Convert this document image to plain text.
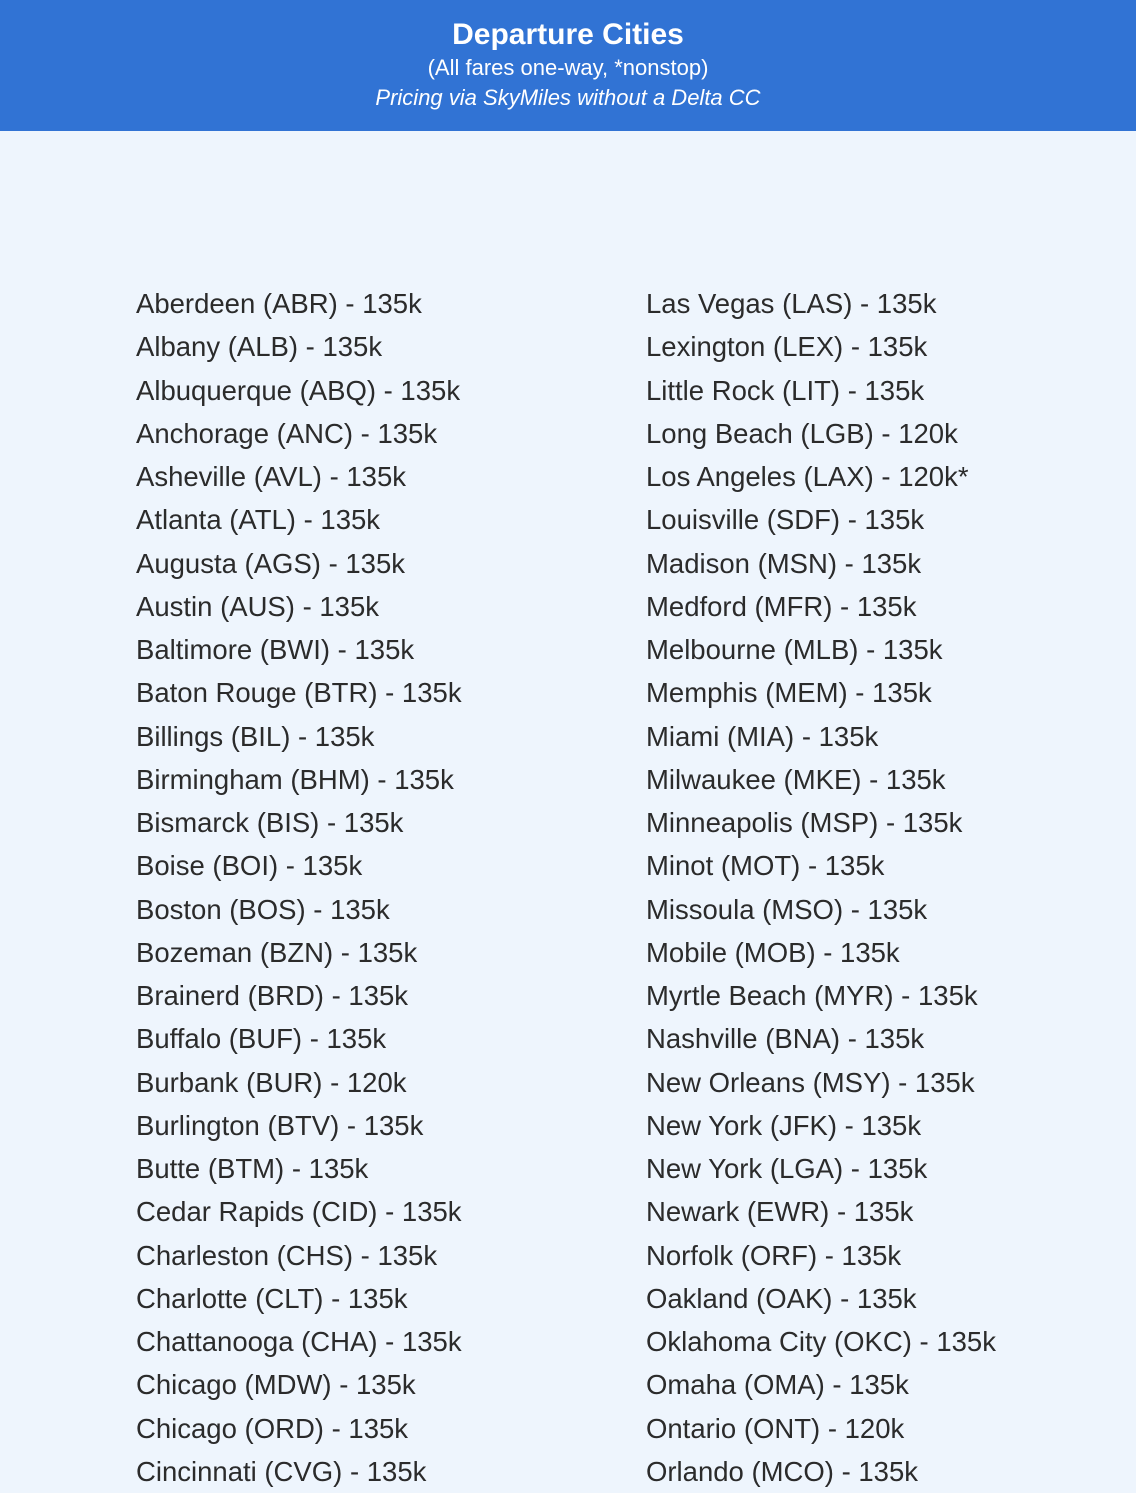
Departure Cities
(All fares one-way, *nonstop)
Pricing via SkyMiles without a Delta CC
Aberdeen (ABR) - 135k
Albany (ALB) - 135k
Albuquerque (ABQ) - 135k
Anchorage (ANC) - 135k
Asheville (AVL) - 135k
Atlanta (ATL) - 135k
Augusta (AGS) - 135k
Austin (AUS) - 135k
Baltimore (BWI) - 135k
Baton Rouge (BTR) - 135k
Billings (BIL) - 135k
Birmingham (BHM) - 135k
Bismarck (BIS) - 135k
Boise (BOI) - 135k
Boston (BOS) - 135k
Bozeman (BZN) - 135k
Brainerd (BRD) - 135k
Buffalo (BUF) - 135k
Burbank (BUR) - 120k
Burlington (BTV) - 135k
Butte (BTM) - 135k
Cedar Rapids (CID) - 135k
Charleston (CHS) - 135k
Charlotte (CLT) - 135k
Chattanooga (CHA) - 135k
Chicago (MDW) - 135k
Chicago (ORD) - 135k
Cincinnati (CVG) - 135k
Las Vegas (LAS) - 135k
Lexington (LEX) - 135k
Little Rock (LIT) - 135k
Long Beach (LGB) - 120k
Los Angeles (LAX) - 120k*
Louisville (SDF) - 135k
Madison (MSN) - 135k
Medford (MFR) - 135k
Melbourne (MLB) - 135k
Memphis (MEM) - 135k
Miami (MIA) - 135k
Milwaukee (MKE) - 135k
Minneapolis (MSP) - 135k
Minot (MOT) - 135k
Missoula (MSO) - 135k
Mobile (MOB) - 135k
Myrtle Beach (MYR) - 135k
Nashville (BNA) - 135k
New Orleans (MSY) - 135k
New York (JFK) - 135k
New York (LGA) - 135k
Newark (EWR) - 135k
Norfolk (ORF) - 135k
Oakland (OAK) - 135k
Oklahoma City (OKC) - 135k
Omaha (OMA) - 135k
Ontario (ONT) - 120k
Orlando (MCO) - 135k
